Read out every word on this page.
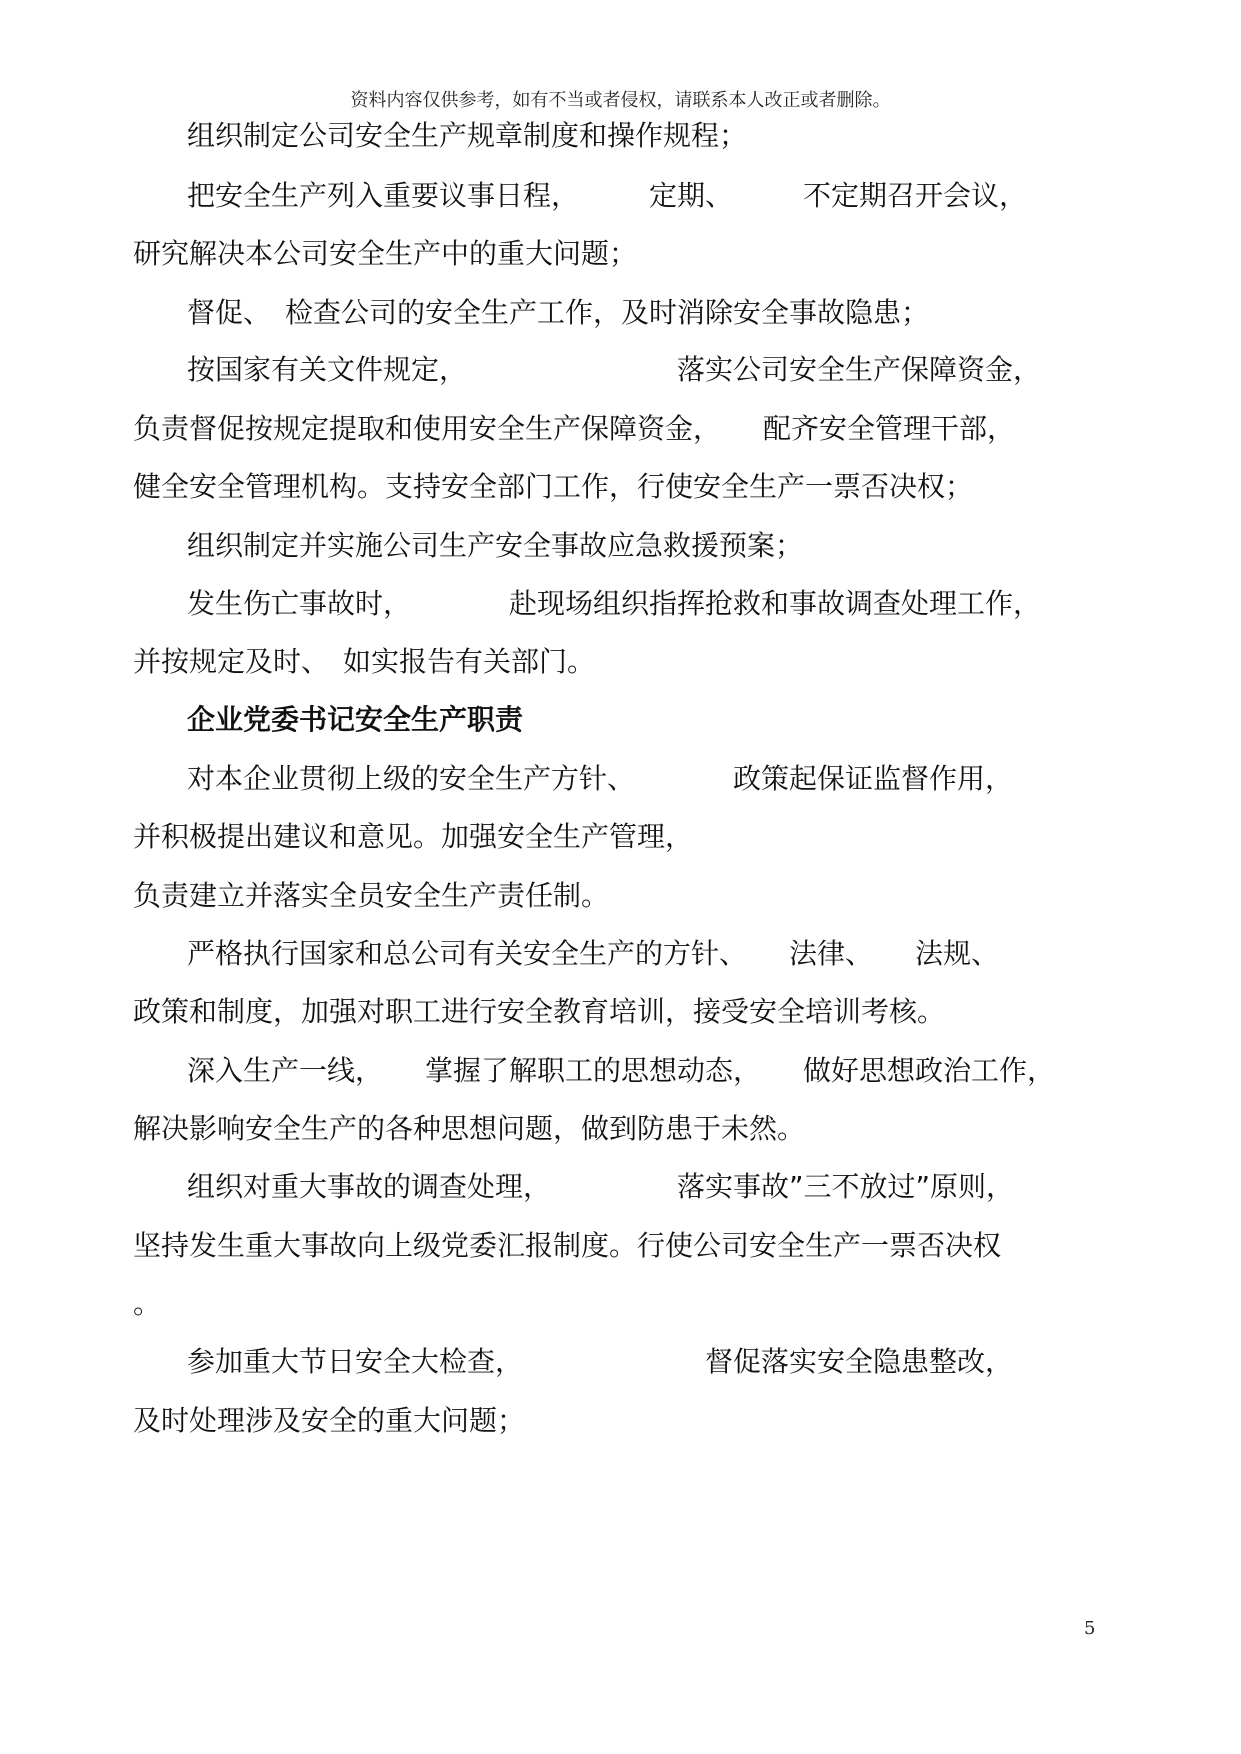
资料内容仅供参考，如有不当或者侵权，请联系本人改正或者删除。
组织制定公司安全生产规章制度和操作规程；
把安全生产列入重要议事日程，　　　定期、　　　不定期召开会议，
研究解决本公司安全生产中的重大问题；
督促、　检查公司的安全生产工作，及时消除安全事故隐患；
按国家有关文件规定，　　　　　　　　落实公司安全生产保障资金，
负责督促按规定提取和使用安全生产保障资金，　　配齐安全管理干部，
健全安全管理机构。支持安全部门工作，行使安全生产一票否决权；
组织制定并实施公司生产安全事故应急救援预案；
发生伤亡事故时，　　　　赴现场组织指挥抢救和事故调查处理工作，
并按规定及时、　如实报告有关部门。
企业党委书记安全生产职责
对本企业贯彻上级的安全生产方针、　　　　政策起保证监督作用，
并积极提出建议和意见。加强安全生产管理，
负责建立并落实全员安全生产责任制。
严格执行国家和总公司有关安全生产的方针、　　法律、　　法规、
政策和制度，加强对职工进行安全教育培训，接受安全培训考核。
深入生产一线，　　掌握了解职工的思想动态，　　做好思想政治工作，
解决影响安全生产的各种思想问题，做到防患于未然。
组织对重大事故的调查处理，　　　　　落实事故”三不放过”原则，
坚持发生重大事故向上级党委汇报制度。行使公司安全生产一票否决权
。
参加重大节日安全大检查，　　　　　　　督促落实安全隐患整改，
及时处理涉及安全的重大问题；
5
